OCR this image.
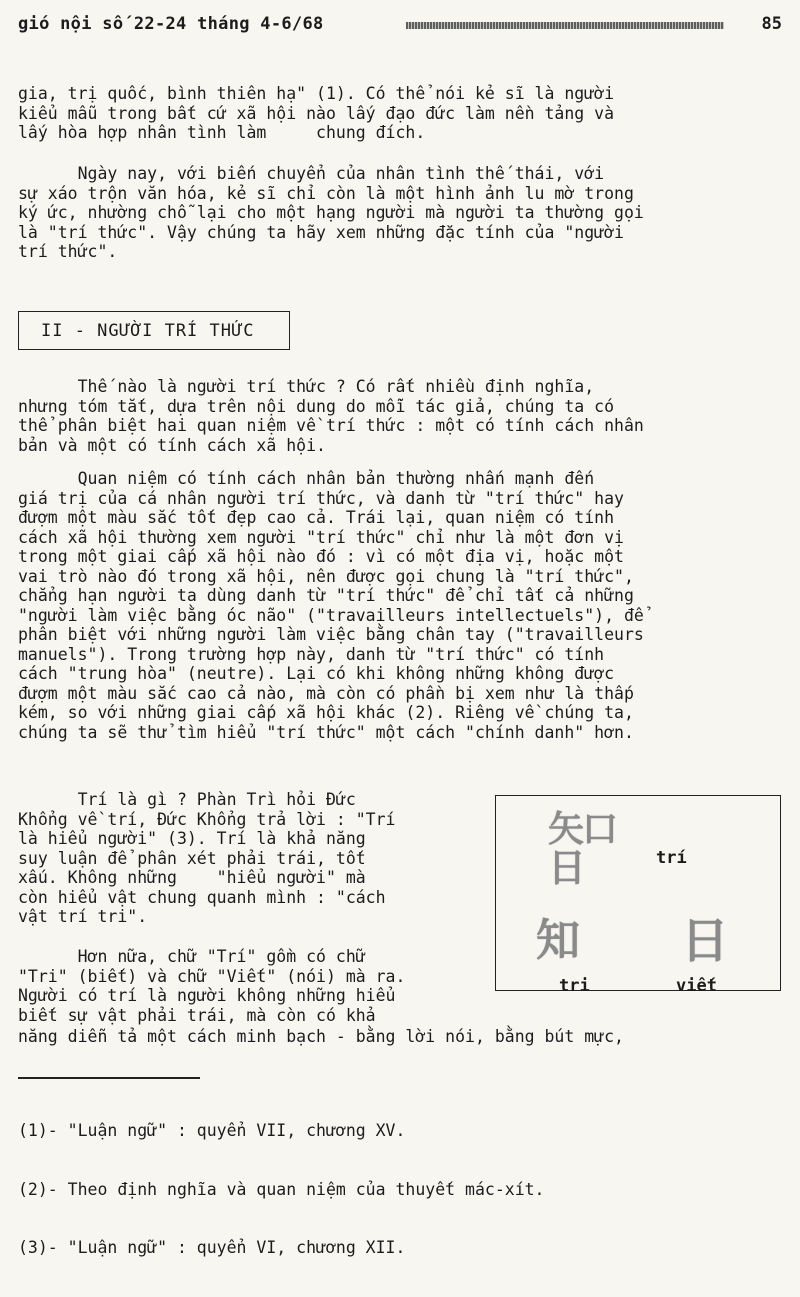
gió nội số 22-24 tháng 4-6/68	85
gia, trị quốc, bình thiên hạ" (1). Có thể nói kẻ sĩ là người
kiểu mẫu trong bất cứ xã hội nào lấy đạo đức làm nền tảng và
lấy hòa hợp nhân tình làm     chung đích.
Ngày nay, với biến chuyển của nhân tình thế thái, với
sự xáo trộn văn hóa, kẻ sĩ chỉ còn là một hình ảnh lu mờ trong
ký ức, nhường chỗ lại cho một hạng người mà người ta thường gọi
là "trí thức". Vậy chúng ta hãy xem những đặc tính của "người
trí thức".
II - NGƯỜI TRÍ THỨC
Thế nào là người trí thức ? Có rất nhiều định nghĩa,
nhưng tóm tắt, dựa trên nội dung do mỗi tác giả, chúng ta có
thể phân biệt hai quan niệm về trí thức : một có tính cách nhân
bản và một có tính cách xã hội.
Quan niệm có tính cách nhân bản thường nhấn mạnh đến
giá trị của cá nhân người trí thức, và danh từ "trí thức" hay
đượm một màu sắc tốt đẹp cao cả. Trái lại, quan niệm có tính
cách xã hội thường xem người "trí thức" chỉ như là một đơn vị
trong một giai cấp xã hội nào đó : vì có một địa vị, hoặc một
vai trò nào đó trong xã hội, nên được gọi chung là "trí thức",
chẳng hạn người ta dùng danh từ "trí thức" để chỉ tất cả những
"người làm việc bằng óc não" ("travailleurs intellectuels"), để
phân biệt với những người làm việc bằng chân tay ("travailleurs
manuels"). Trong trường hợp này, danh từ "trí thức" có tính
cách "trung hòa" (neutre). Lại có khi không những không được
đượm một màu sắc cao cả nào, mà còn có phần bị xem như là thấp
kém, so với những giai cấp xã hội khác (2). Riêng về chúng ta,
chúng ta sẽ thử tìm hiểu "trí thức" một cách "chính danh" hơn.
Trí là gì ? Phàn Trì hỏi Đức
Khổng về trí, Đức Khổng trả lời : "Trí
là hiểu người" (3). Trí là khả năng
suy luận để phân xét phải trái, tốt
xấu. Không những    "hiểu người" mà
còn hiểu vật chung quanh mình : "cách
vật trí tri".
Hơn nữa, chữ "Trí" gồm có chữ
"Tri" (biết) và chữ "Viết" (nói) mà ra.
Người có trí là người không những hiểu
biết sự vật phải trái, mà còn có khả
năng diễn tả một cách minh bạch - bằng lời nói, bằng bút mực,
矢口
日	trí
知 日
tri	viết

(1)- "Luận ngữ" : quyển VII, chương XV.

(2)- Theo định nghĩa và quan niệm của thuyết mác-xít.

(3)- "Luận ngữ" : quyển VI, chương XII.
